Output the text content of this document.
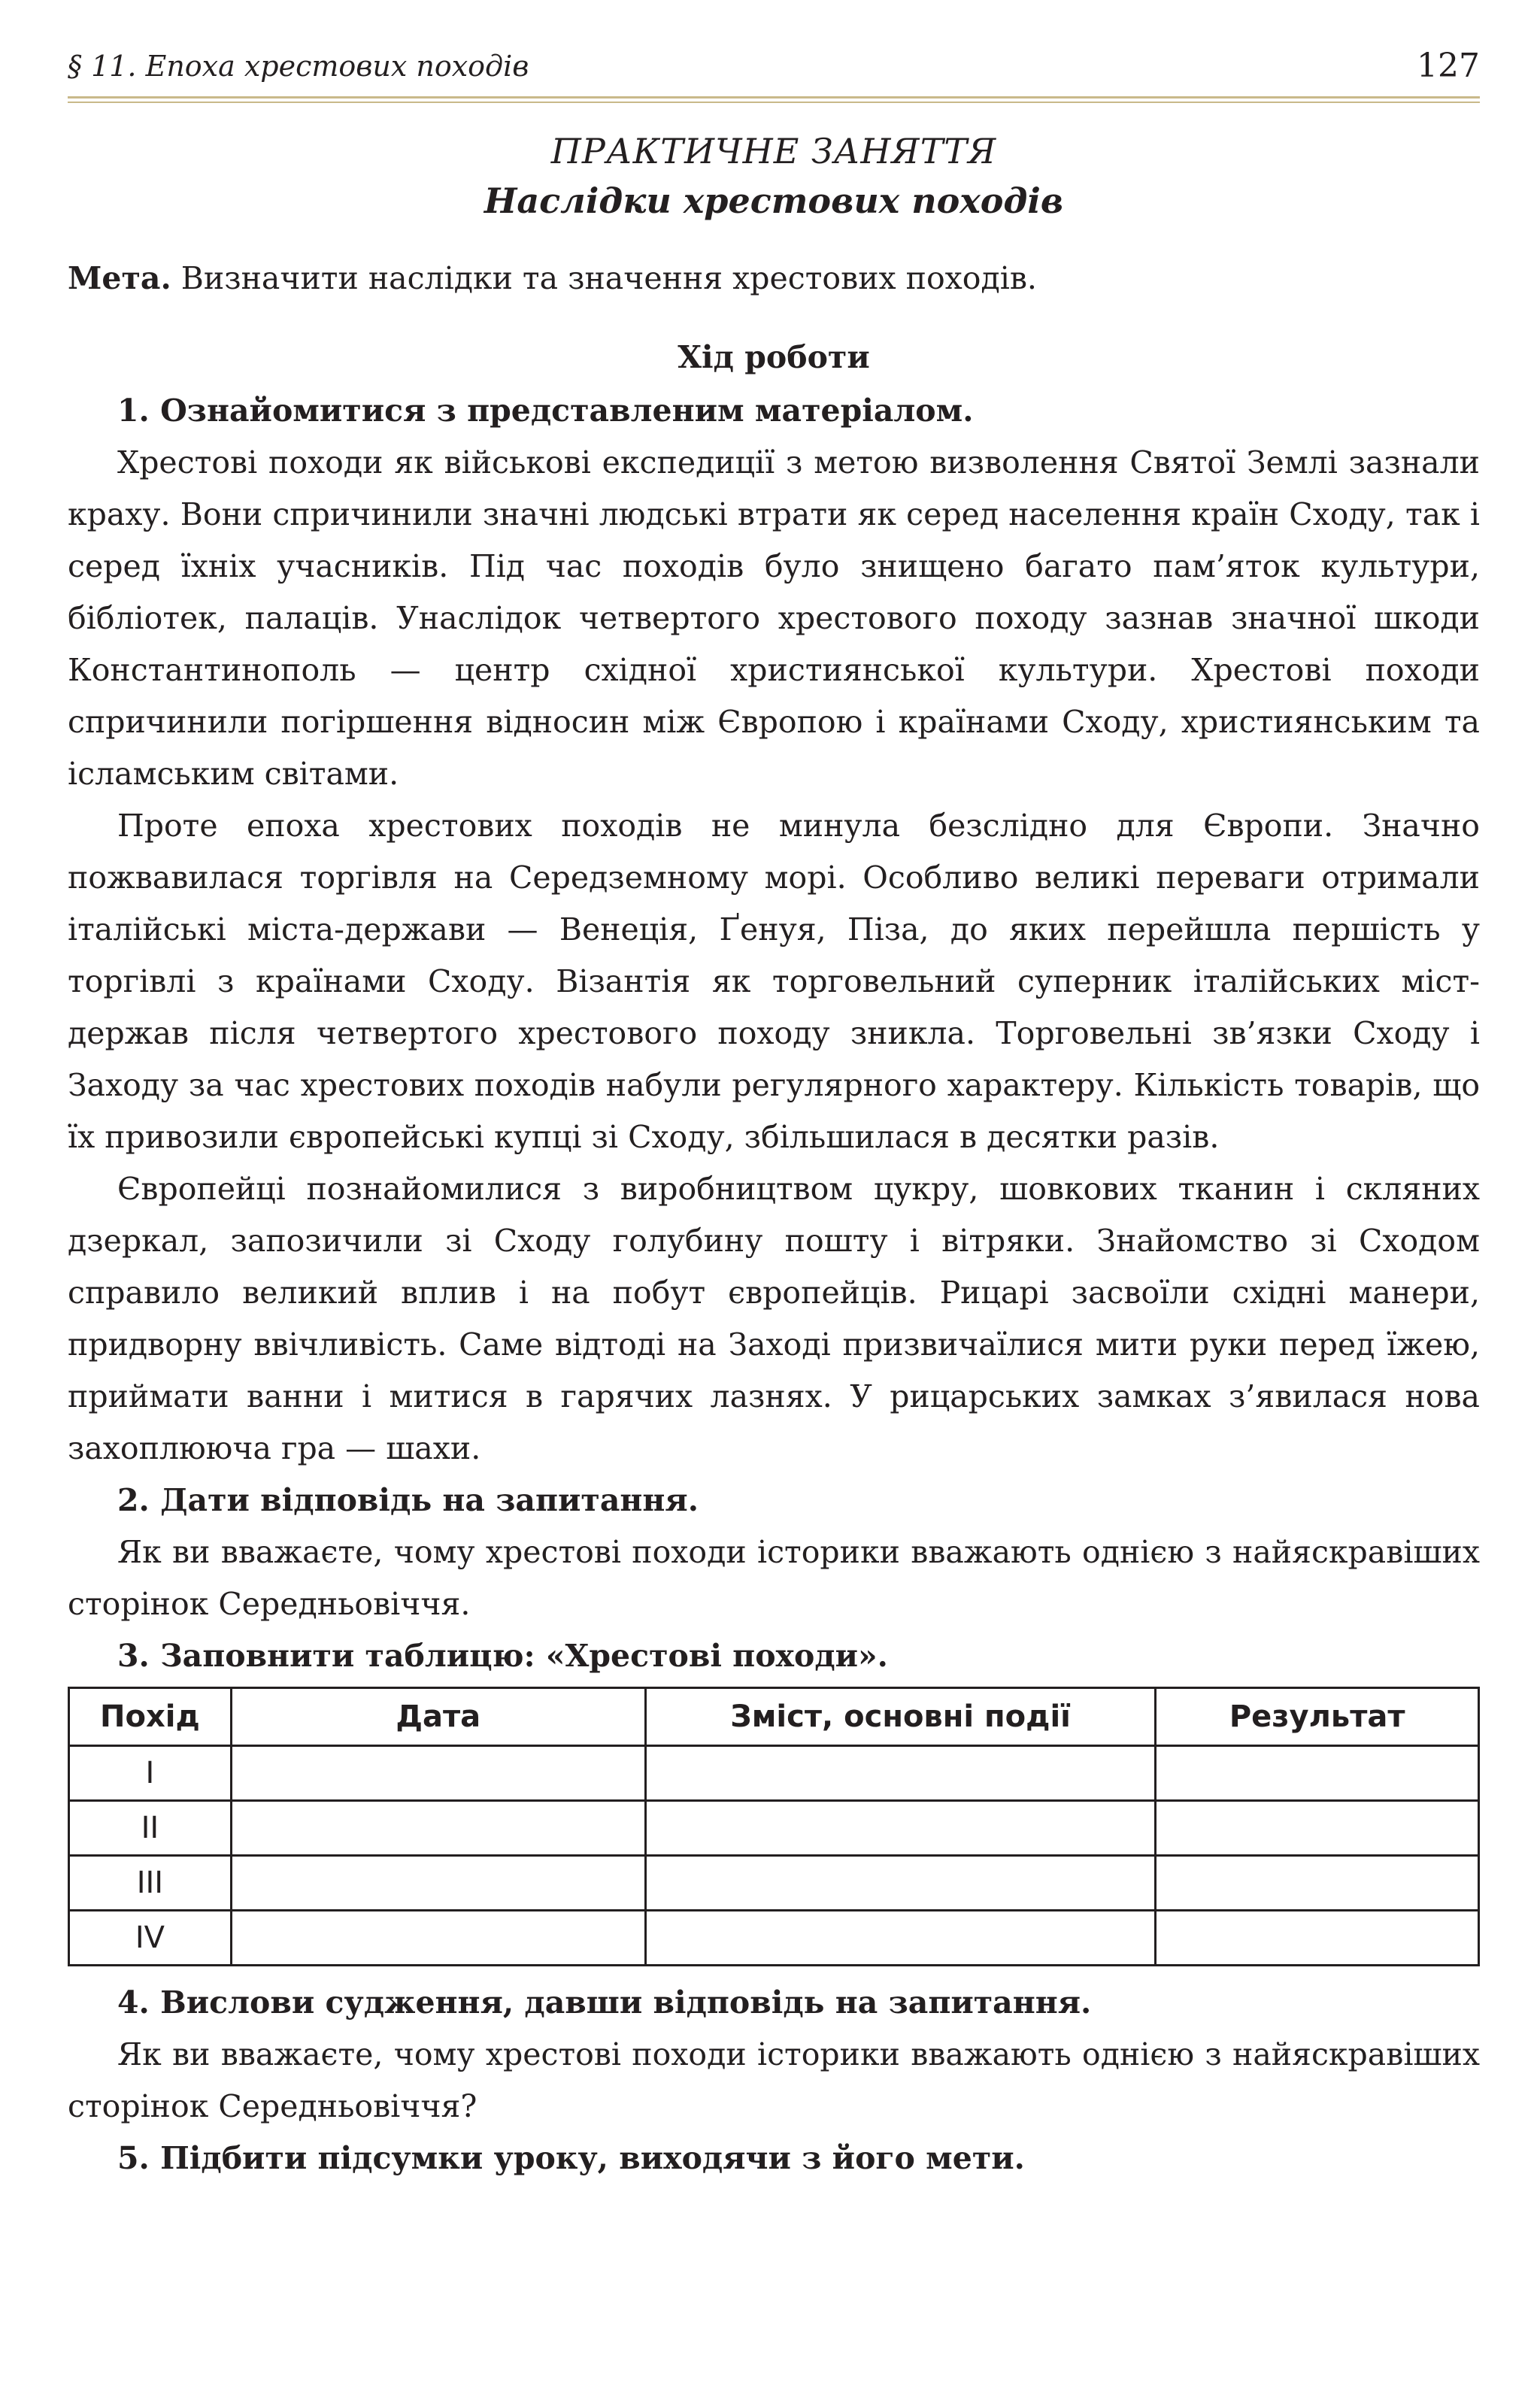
§ 11. Епоха хрестових походів	127
ПРАКТИЧНЕ ЗАНЯТТЯ
Наслідки хрестових походів

Мета. Визначити наслідки та значення хрестових походів.

Хід роботи

1. Ознайомитися з представленим матеріалом.

Хрестові походи як військові експедиції з метою визволення Святої Землі зазнали краху. Вони спричинили значні людські втрати як серед населення країн Сходу, так і серед їхніх учасників. Під час походів було знищено багато пам’яток культури, бібліотек, палаців. Унаслідок четвертого хрестового походу зазнав значної шкоди Константинополь — центр східної християнської культури. Хрестові походи спричинили погіршення відносин між Європою і країнами Сходу, християнським та ісламським світами.

Проте епоха хрестових походів не минула безслідно для Європи. Значно пожвавилася торгівля на Середземному морі. Особливо великі переваги отримали італійські міста-держави — Венеція, Ґенуя, Піза, до яких перейшла першість у торгівлі з країнами Сходу. Візантія як торговельний суперник італійських міст-держав після четвертого хрестового походу зникла. Торговельні зв’язки Сходу і Заходу за час хрестових походів набули регулярного характеру. Кількість товарів, що їх привозили європейські купці зі Сходу, збільшилася в десятки разів.

Європейці познайомилися з виробництвом цукру, шовкових тканин і скляних дзеркал, запозичили зі Сходу голубину пошту і вітряки. Знайомство зі Сходом справило великий вплив і на побут європейців. Рицарі засвоїли східні манери, придворну ввічливість. Саме відтоді на Заході призвичаїлися мити руки перед їжею, приймати ванни і митися в гарячих лазнях. У рицарських замках з’явилася нова захоплююча гра — шахи.

2. Дати відповідь на запитання.

Як ви вважаєте, чому хрестові походи історики вважають однією з найяскравіших сторінок Середньовіччя.

3. Заповнити таблицю: «Хрестові походи».

Похід	Дата	Зміст, основні події	Результат
I			
II			
III			
IV			

4. Вислови судження, давши відповідь на запитання.

Як ви вважаєте, чому хрестові походи історики вважають однією з найяскравіших сторінок Середньовіччя?

5. Підбити підсумки уроку, виходячи з його мети.
